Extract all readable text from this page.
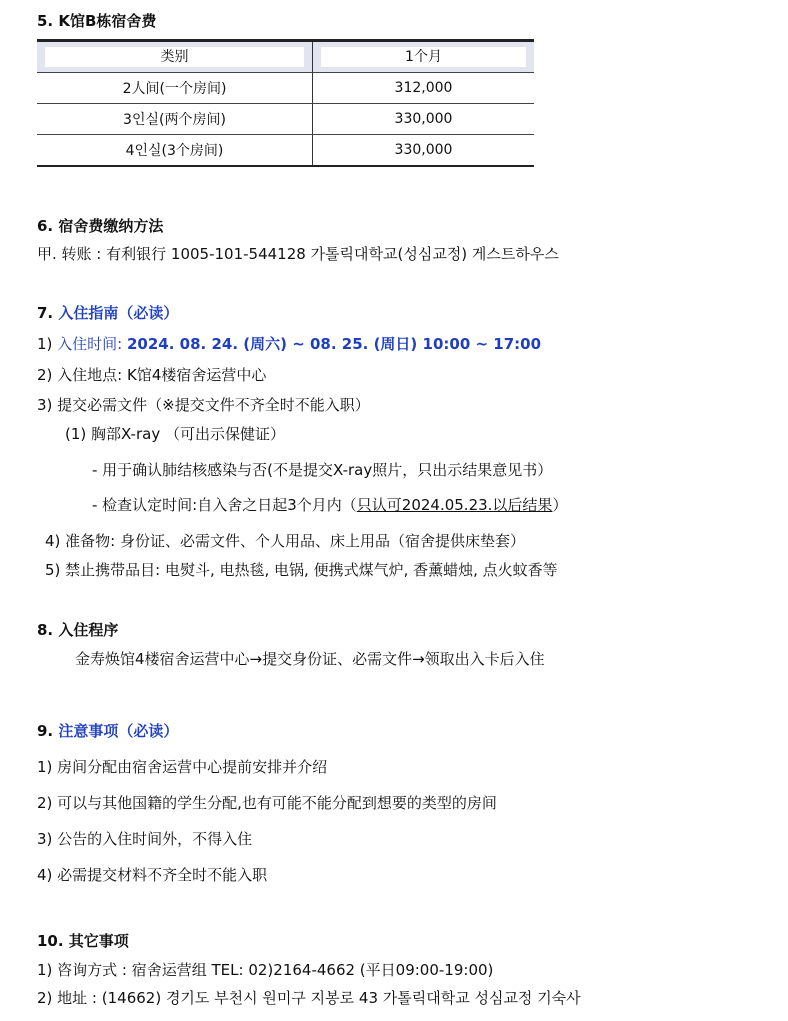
5. K馆B栋宿舍费
类别	1个月

2人间(一个房间)	312,000
3인실(两个房间)	330,000
4인실(3个房间)	330,000
6. 宿舍费缴纳方法
甲. 转账 : 有利银行 1005-101-544128 가톨릭대학교(성심교정) 게스트하우스
7. 入住指南（必读）
1) 入住时间: 2024. 08. 24. (周六) ~ 08. 25. (周日) 10:00 ~ 17:00
2) 入住地点: K馆4楼宿舍运营中心
3) 提交必需文件（※提交文件不齐全时不能入职）
(1) 胸部X-ray （可出示保健证）
- 用于确认肺结核感染与否(不是提交X-ray照片，只出示结果意见书）
- 检查认定时间:自入舍之日起3个月内（只认可2024.05.23.以后结果）
4) 准备物: 身份证、必需文件、个人用品、床上用品（宿舍提供床垫套）
5) 禁止携带品目: 电熨斗, 电热毯, 电锅, 便携式煤气炉, 香薰蜡烛, 点火蚊香等
8. 入住程序
金寿焕馆4楼宿舍运营中心→提交身份证、必需文件→领取出入卡后入住
9. 注意事项（必读）
1) 房间分配由宿舍运营中心提前安排并介绍
2) 可以与其他国籍的学生分配,也有可能不能分配到想要的类型的房间
3) 公告的入住时间外，不得入住
4) 必需提交材料不齐全时不能入职
10. 其它事项
1) 咨询方式 : 宿舍运营组 TEL: 02)2164-4662 (平日09:00-19:00)
2) 地址 : (14662) 경기도 부천시 원미구 지봉로 43 가톨릭대학교 성심교정 기숙사
